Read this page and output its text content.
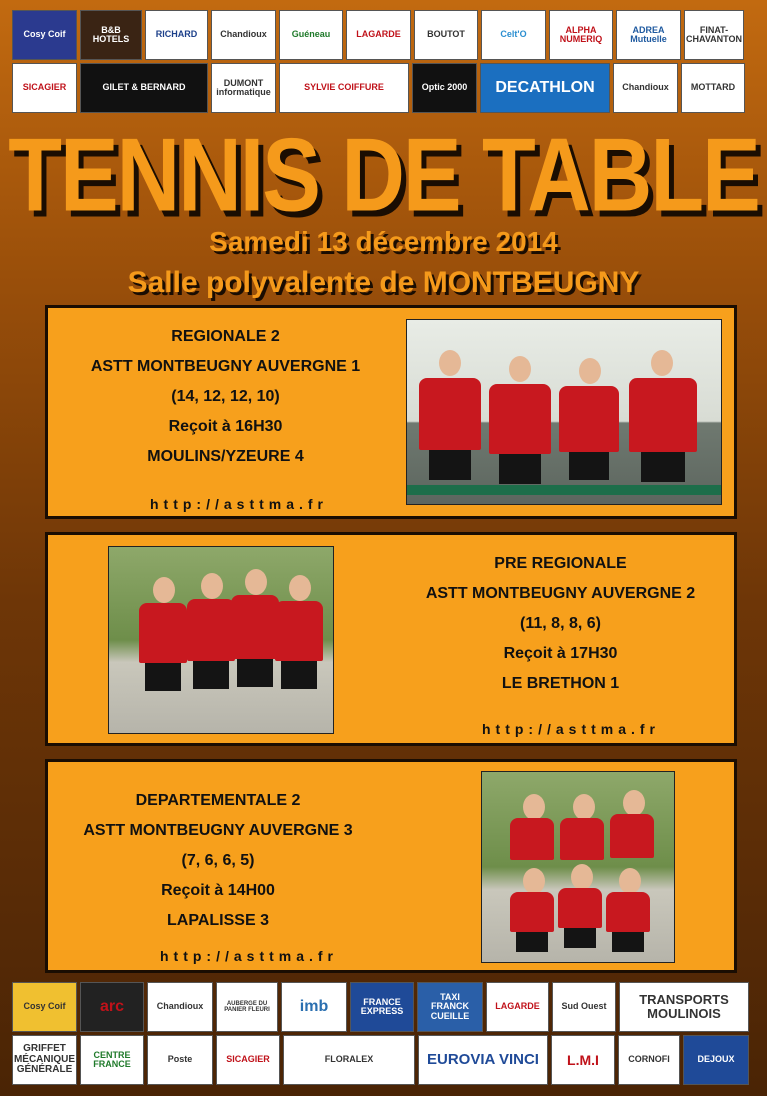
Cosy Coif	B&B HOTELS	RICHARD	Chandioux	Guéneau	LAGARDE	BOUTOT	Celt'O	ALPHA NUMERIQ
ADREA Mutuelle
FINAT-CHAVANTON
SICAGIER	GILET & BERNARD	DUMONT informatique	SYLVIE COIFFURE	Optic 2000 DECATHLON	Chandioux MOTTARD
TENNIS DE TABLE
Samedi 13 décembre 2014
Salle polyvalente de MONTBEUGNY
REGIONALE 2
ASTT MONTBEUGNY AUVERGNE 1
(14, 12, 12, 10)
Reçoit à 16H30
MOULINS/YZEURE 4
http://asttma.fr
PRE REGIONALE
ASTT MONTBEUGNY AUVERGNE 2
(11, 8, 8, 6)
Reçoit à 17H30
LE BRETHON 1
http://asttma.fr
DEPARTEMENTALE 2
ASTT MONTBEUGNY AUVERGNE 3
(7, 6, 6, 5)
Reçoit à 14H00
LAPALISSE 3
http://asttma.fr
Cosy Coif arc	Chandioux	AUBERGE DU PANIER FLEURI	imb	FRANCE EXPRESS
TAXI FRANCK CUEILLE
LAGARDE Sud Ouest	TRANSPORTS MOULINOIS
GRIFFET MÉCANIQUE GÉNÉRALE
CENTRE FRANCE	Poste	SICAGIER	FLORALEX	EUROVIA VINCI L.M.I	CORNOFI	DEJOUX
